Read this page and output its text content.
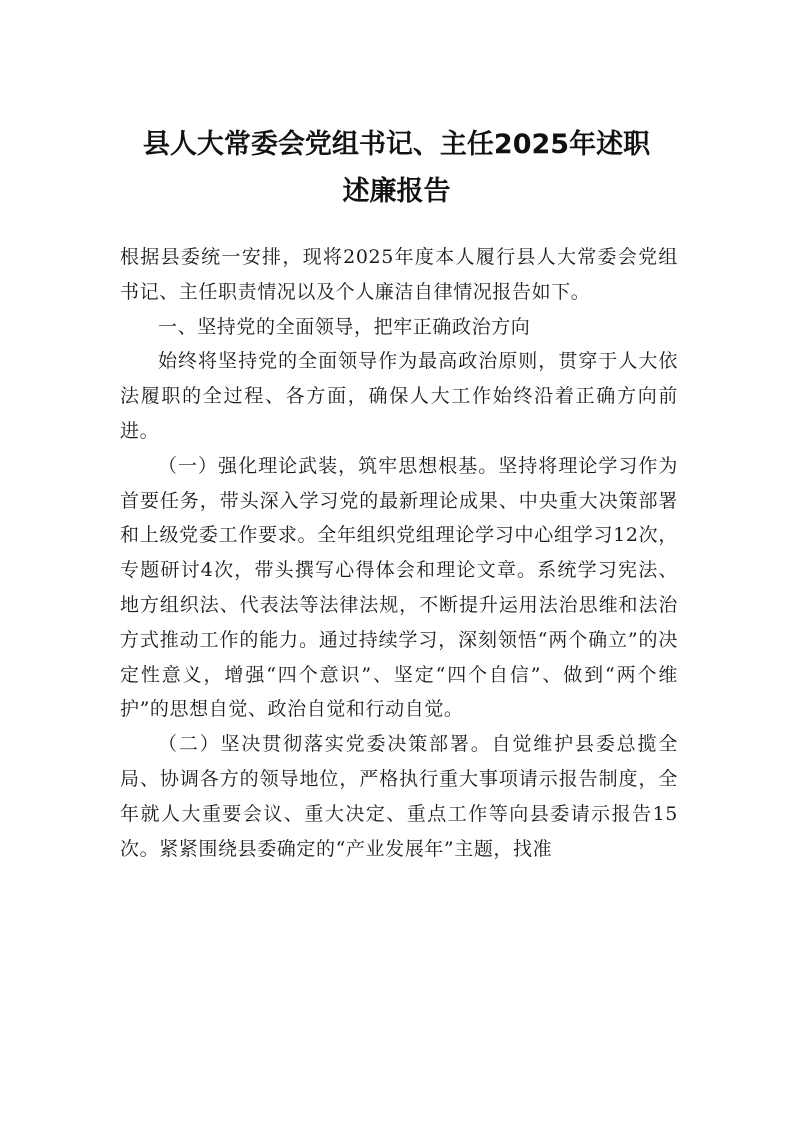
县人大常委会党组书记、主任2025年述职
述廉报告

根据县委统一安排，现将2025年度本人履行县人大常委会党组书记、主任职责情况以及个人廉洁自律情况报告如下。

一、坚持党的全面领导，把牢正确政治方向

始终将坚持党的全面领导作为最高政治原则，贯穿于人大依法履职的全过程、各方面，确保人大工作始终沿着正确方向前进。

（一）强化理论武装，筑牢思想根基。坚持将理论学习作为首要任务，带头深入学习党的最新理论成果、中央重大决策部署和上级党委工作要求。全年组织党组理论学习中心组学习12次，专题研讨4次，带头撰写心得体会和理论文章。系统学习宪法、地方组织法、代表法等法律法规，不断提升运用法治思维和法治方式推动工作的能力。通过持续学习，深刻领悟“两个确立”的决定性意义，增强“四个意识”、坚定“四个自信”、做到“两个维护”的思想自觉、政治自觉和行动自觉。

（二）坚决贯彻落实党委决策部署。自觉维护县委总揽全局、协调各方的领导地位，严格执行重大事项请示报告制度，全年就人大重要会议、重大决定、重点工作等向县委请示报告15次。紧紧围绕县委确定的“产业发展年”主题，找准
